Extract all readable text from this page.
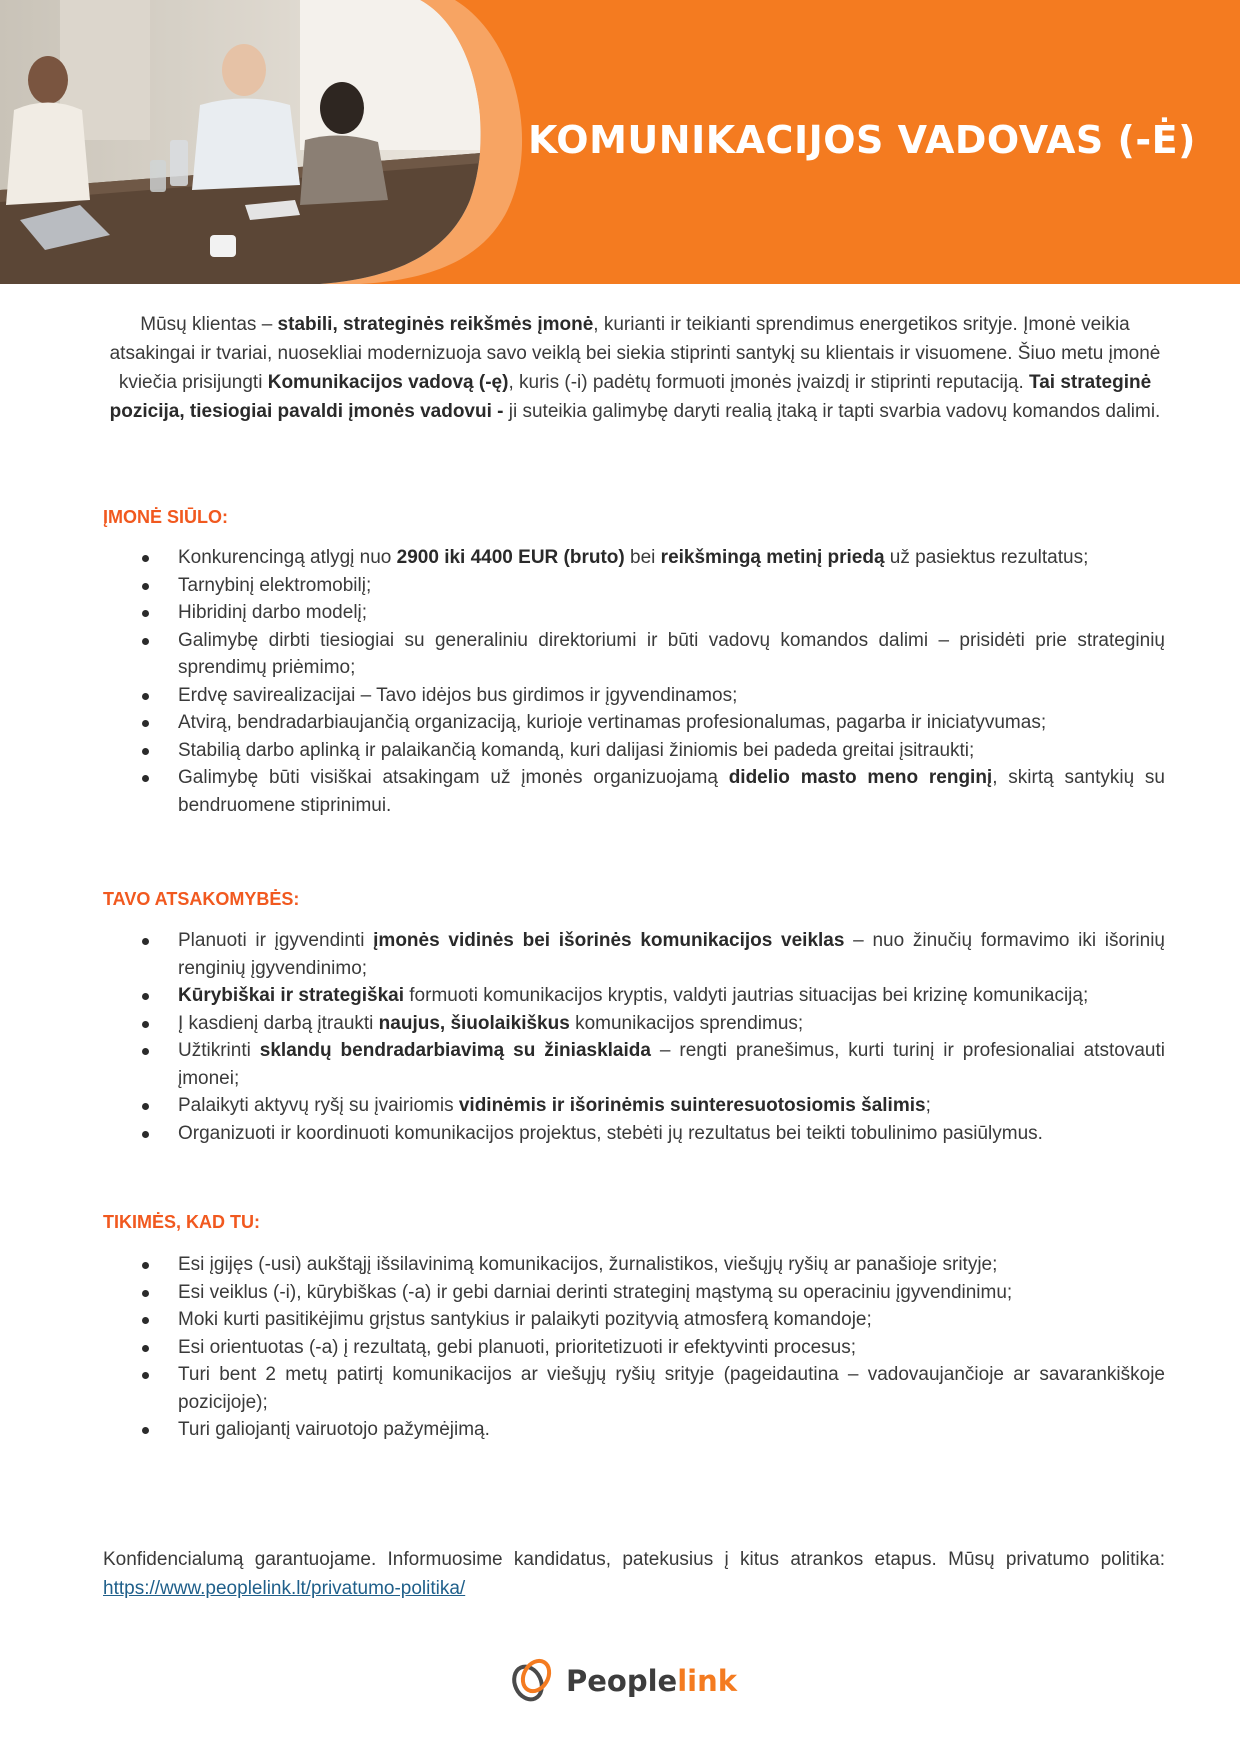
KOMUNIKACIJOS VADOVAS (-Ė)
Mūsų klientas – stabili, strateginės reikšmės įmonė, kurianti ir teikianti sprendimus energetikos srityje. Įmonė veikia atsakingai ir tvariai, nuosekliai modernizuoja savo veiklą bei siekia stiprinti santykį su klientais ir visuomene. Šiuo metu įmonė kviečia prisijungti Komunikacijos vadovą (-ę), kuris (-i) padėtų formuoti įmonės įvaizdį ir stiprinti reputaciją. Tai strateginė pozicija, tiesiogiai pavaldi įmonės vadovui - ji suteikia galimybę daryti realią įtaką ir tapti svarbia vadovų komandos dalimi.
ĮMONĖ SIŪLO:
Konkurencingą atlygį nuo 2900 iki 4400 EUR (bruto) bei reikšmingą metinį priedą už pasiektus rezultatus;
Tarnybinį elektromobilį;
Hibridinį darbo modelį;
Galimybę dirbti tiesiogiai su generaliniu direktoriumi ir būti vadovų komandos dalimi – prisidėti prie strateginių sprendimų priėmimo;
Erdvę savirealizacijai – Tavo idėjos bus girdimos ir įgyvendinamos;
Atvirą, bendradarbiaujančią organizaciją, kurioje vertinamas profesionalumas, pagarba ir iniciatyvumas;
Stabilią darbo aplinką ir palaikančią komandą, kuri dalijasi žiniomis bei padeda greitai įsitraukti;
Galimybę būti visiškai atsakingam už įmonės organizuojamą didelio masto meno renginį, skirtą santykių su bendruomene stiprinimui.
TAVO ATSAKOMYBĖS:
Planuoti ir įgyvendinti įmonės vidinės bei išorinės komunikacijos veiklas – nuo žinučių formavimo iki išorinių renginių įgyvendinimo;
Kūrybiškai ir strategiškai formuoti komunikacijos kryptis, valdyti jautrias situacijas bei krizinę komunikaciją;
Į kasdienį darbą įtraukti naujus, šiuolaikiškus komunikacijos sprendimus;
Užtikrinti sklandų bendradarbiavimą su žiniasklaida – rengti pranešimus, kurti turinį ir profesionaliai atstovauti įmonei;
Palaikyti aktyvų ryšį su įvairiomis vidinėmis ir išorinėmis suinteresuotosiomis šalimis;
Organizuoti ir koordinuoti komunikacijos projektus, stebėti jų rezultatus bei teikti tobulinimo pasiūlymus.
TIKIMĖS, KAD TU:
Esi įgijęs (-usi) aukštąjį išsilavinimą komunikacijos, žurnalistikos, viešųjų ryšių ar panašioje srityje;
Esi veiklus (-i), kūrybiškas (-a) ir gebi darniai derinti strateginį mąstymą su operaciniu įgyvendinimu;
Moki kurti pasitikėjimu grįstus santykius ir palaikyti pozityvią atmosferą komandoje;
Esi orientuotas (-a) į rezultatą, gebi planuoti, prioritetizuoti ir efektyvinti procesus;
Turi bent 2 metų patirtį komunikacijos ar viešųjų ryšių srityje (pageidautina – vadovaujančioje ar savarankiškoje pozicijoje);
Turi galiojantį vairuotojo pažymėjimą.
Konfidencialumą garantuojame. Informuosime kandidatus, patekusius į kitus atrankos etapus. Mūsų privatumo politika: https://www.peoplelink.lt/privatumo-politika/
Peoplelink
